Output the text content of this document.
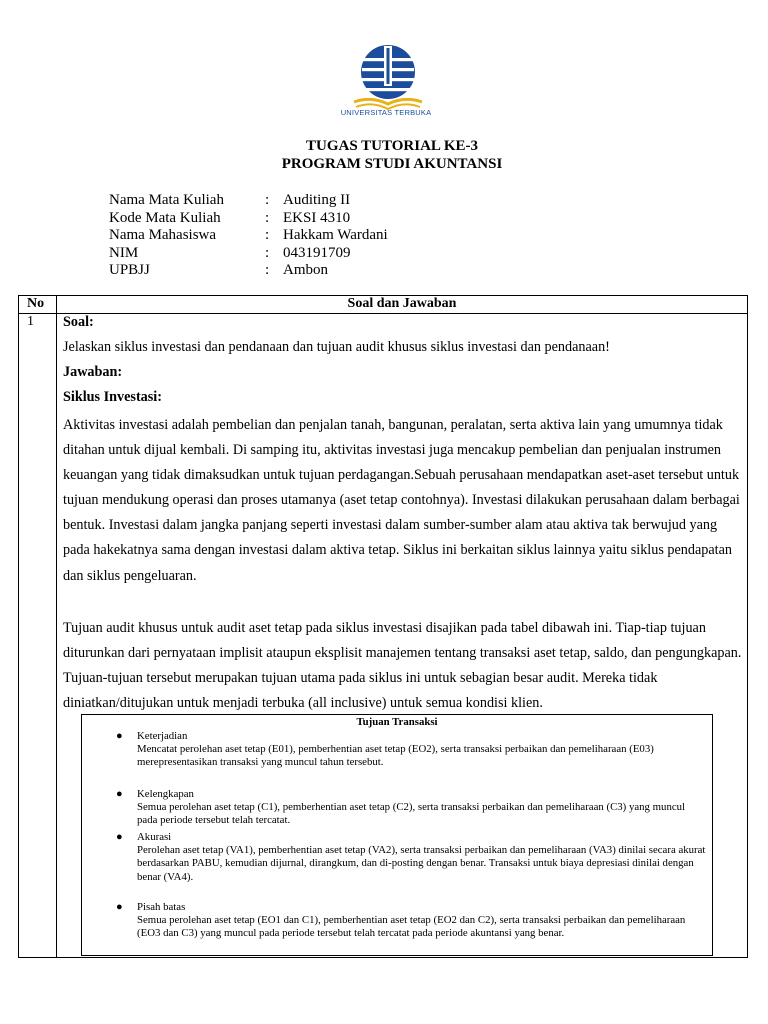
UNIVERSITAS TERBUKA
TUGAS TUTORIAL KE-3
PROGRAM STUDI AKUNTANSI
Nama Mata Kuliah	: Auditing II
Kode Mata Kuliah	: EKSI 4310
Nama Mahasiswa	: Hakkam Wardani
NIM	: 043191709
UPBJJ	: Ambon
No	Soal dan Jawaban
1 Soal:

Jelaskan siklus investasi dan pendanaan dan tujuan audit khusus siklus investasi dan pendanaan!

Jawaban:

Siklus Investasi:

Aktivitas investasi adalah pembelian dan penjalan tanah, bangunan, peralatan, serta aktiva lain yang umumnya tidak ditahan untuk dijual kembali. Di samping itu, aktivitas investasi juga mencakup pembelian dan penjualan instrumen keuangan yang tidak dimaksudkan untuk tujuan perdagangan.Sebuah perusahaan mendapatkan aset-aset tersebut untuk tujuan mendukung operasi dan proses utamanya (aset tetap contohnya). Investasi dilakukan perusahaan dalam berbagai bentuk. Investasi dalam jangka panjang seperti investasi dalam sumber-sumber alam atau aktiva tak berwujud yang pada hakekatnya sama dengan investasi dalam aktiva tetap. Siklus ini berkaitan siklus lainnya yaitu siklus pendapatan dan siklus pengeluaran.

Tujuan audit khusus untuk audit aset tetap pada siklus investasi disajikan pada tabel dibawah ini. Tiap-tiap tujuan diturunkan dari pernyataan implisit ataupun eksplisit manajemen tentang transaksi aset tetap, saldo, dan pengungkapan. Tujuan-tujuan tersebut merupakan tujuan utama pada siklus ini untuk sebagian besar audit. Mereka tidak diniatkan/ditujukan untuk menjadi terbuka (all inclusive) untuk semua kondisi klien.

Tujuan Transaksi
● Keterjadian
Mencatat perolehan aset tetap (E01), pemberhentian aset tetap (EO2), serta transaksi perbaikan dan pemeliharaan (E03) merepresentasikan transaksi yang muncul tahun tersebut.
● Kelengkapan
Semua perolehan aset tetap (C1), pemberhentian aset tetap (C2), serta transaksi perbaikan dan pemeliharaan (C3) yang muncul pada periode tersebut telah tercatat.
● Akurasi
Perolehan aset tetap (VA1), pemberhentian aset tetap (VA2), serta transaksi perbaikan dan pemeliharaan (VA3) dinilai secara akurat berdasarkan PABU, kemudian dijurnal, dirangkum, dan di-posting dengan benar. Transaksi untuk biaya depresiasi dinilai dengan benar (VA4).
● Pisah batas
Semua perolehan aset tetap (EO1 dan C1), pemberhentian aset tetap (EO2 dan C2), serta transaksi perbaikan dan pemeliharaan (EO3 dan C3) yang muncul pada periode tersebut telah tercatat pada periode akuntansi yang benar.
